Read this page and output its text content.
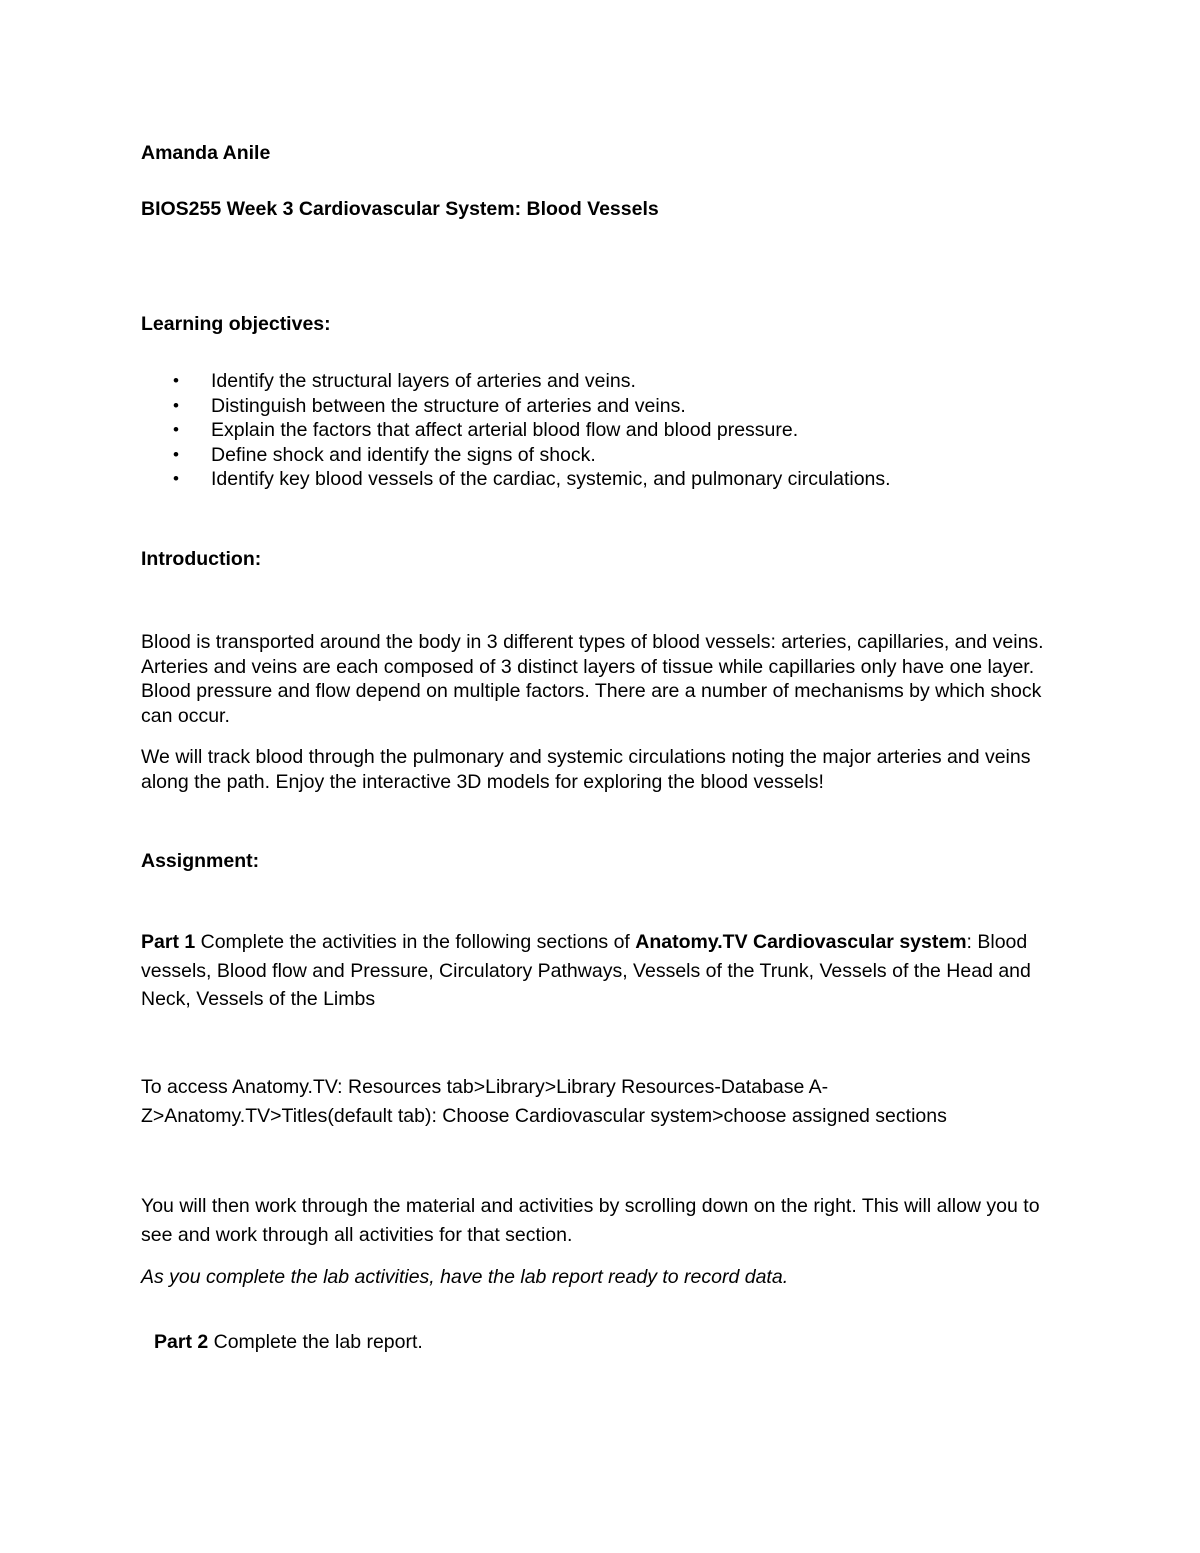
Amanda Anile
BIOS255 Week 3 Cardiovascular System: Blood Vessels
Learning objectives:
• Identify the structural layers of arteries and veins.
• Distinguish between the structure of arteries and veins.
• Explain the factors that affect arterial blood flow and blood pressure.
• Define shock and identify the signs of shock.
• Identify key blood vessels of the cardiac, systemic, and pulmonary circulations.
Introduction:

Blood is transported around the body in 3 different types of blood vessels: arteries, capillaries, and veins. Arteries and veins are each composed of 3 distinct layers of tissue while capillaries only have one layer. Blood pressure and flow depend on multiple factors. There are a number of mechanisms by which shock can occur.

We will track blood through the pulmonary and systemic circulations noting the major arteries and veins along the path. Enjoy the interactive 3D models for exploring the blood vessels!

Assignment:

Part 1 Complete the activities in the following sections of Anatomy.TV Cardiovascular system: Blood vessels, Blood flow and Pressure, Circulatory Pathways, Vessels of the Trunk, Vessels of the Head and Neck, Vessels of the Limbs

To access Anatomy.TV: Resources tab>Library>Library Resources-Database A-Z>Anatomy.TV>Titles(default tab): Choose Cardiovascular system>choose assigned sections

You will then work through the material and activities by scrolling down on the right. This will allow you to see and work through all activities for that section.

As you complete the lab activities, have the lab report ready to record data.
Part 2 Complete the lab report.
